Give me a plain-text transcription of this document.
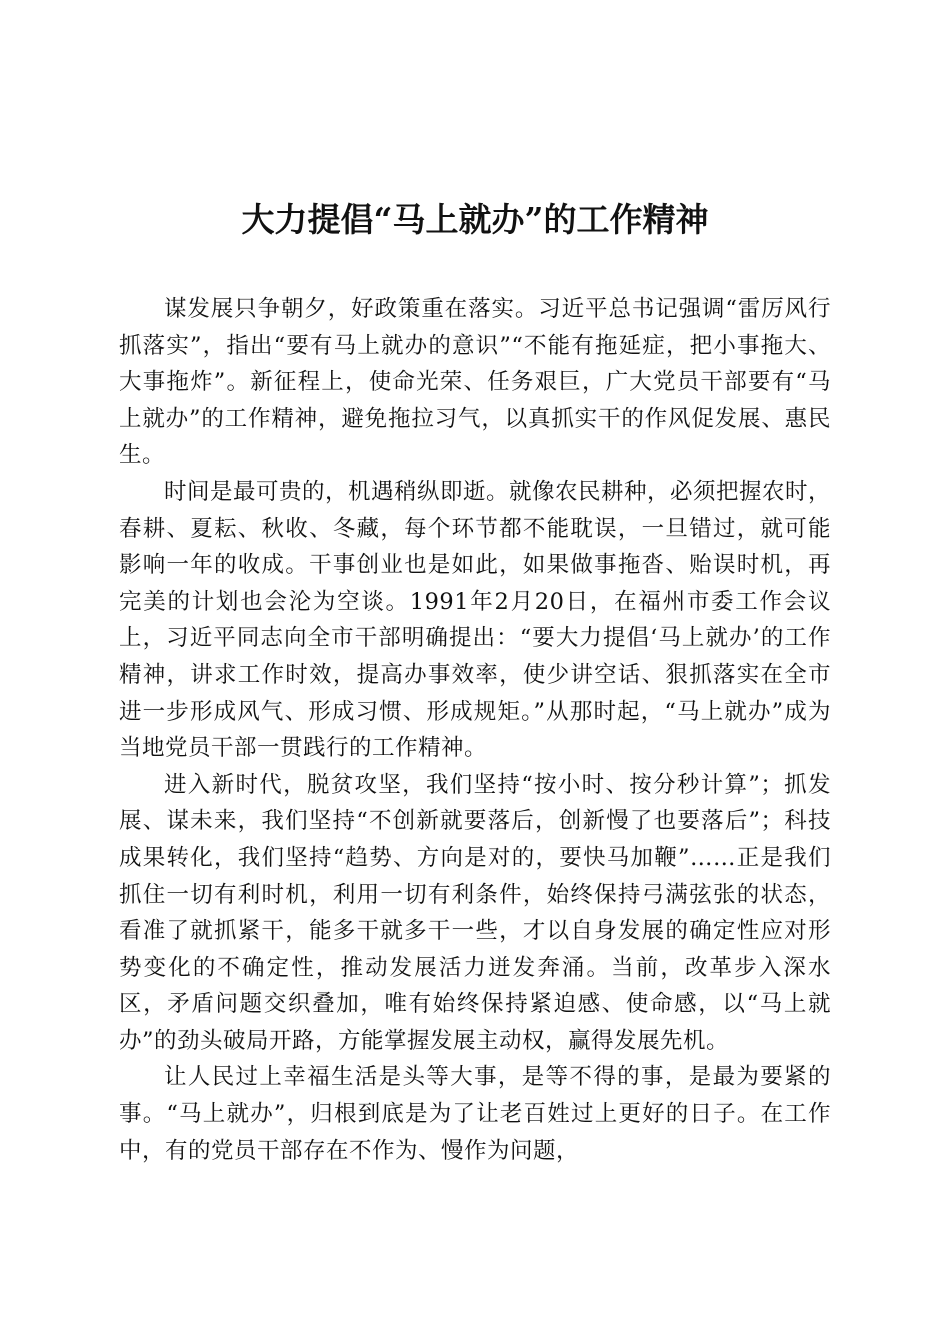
大力提倡“马上就办”的工作精神

谋发展只争朝夕，好政策重在落实。习近平总书记强调“雷厉风行抓落实”，指出“要有马上就办的意识”“不能有拖延症，把小事拖大、大事拖炸”。新征程上，使命光荣、任务艰巨，广大党员干部要有“马上就办”的工作精神，避免拖拉习气，以真抓实干的作风促发展、惠民生。

时间是最可贵的，机遇稍纵即逝。就像农民耕种，必须把握农时，春耕、夏耘、秋收、冬藏，每个环节都不能耽误，一旦错过，就可能影响一年的收成。干事创业也是如此，如果做事拖沓、贻误时机，再完美的计划也会沦为空谈。1991年2月20日，在福州市委工作会议上，习近平同志向全市干部明确提出：“要大力提倡‘马上就办’的工作精神，讲求工作时效，提高办事效率，使少讲空话、狠抓落实在全市进一步形成风气、形成习惯、形成规矩。”从那时起，“马上就办”成为当地党员干部一贯践行的工作精神。

进入新时代，脱贫攻坚，我们坚持“按小时、按分秒计算”；抓发展、谋未来，我们坚持“不创新就要落后，创新慢了也要落后”；科技成果转化，我们坚持“趋势、方向是对的，要快马加鞭”……正是我们抓住一切有利时机，利用一切有利条件，始终保持弓满弦张的状态，看准了就抓紧干，能多干就多干一些，才以自身发展的确定性应对形势变化的不确定性，推动发展活力迸发奔涌。当前，改革步入深水区，矛盾问题交织叠加，唯有始终保持紧迫感、使命感，以“马上就办”的劲头破局开路，方能掌握发展主动权，赢得发展先机。

让人民过上幸福生活是头等大事，是等不得的事，是最为要紧的事。“马上就办”，归根到底是为了让老百姓过上更好的日子。在工作中，有的党员干部存在不作为、慢作为问题，
